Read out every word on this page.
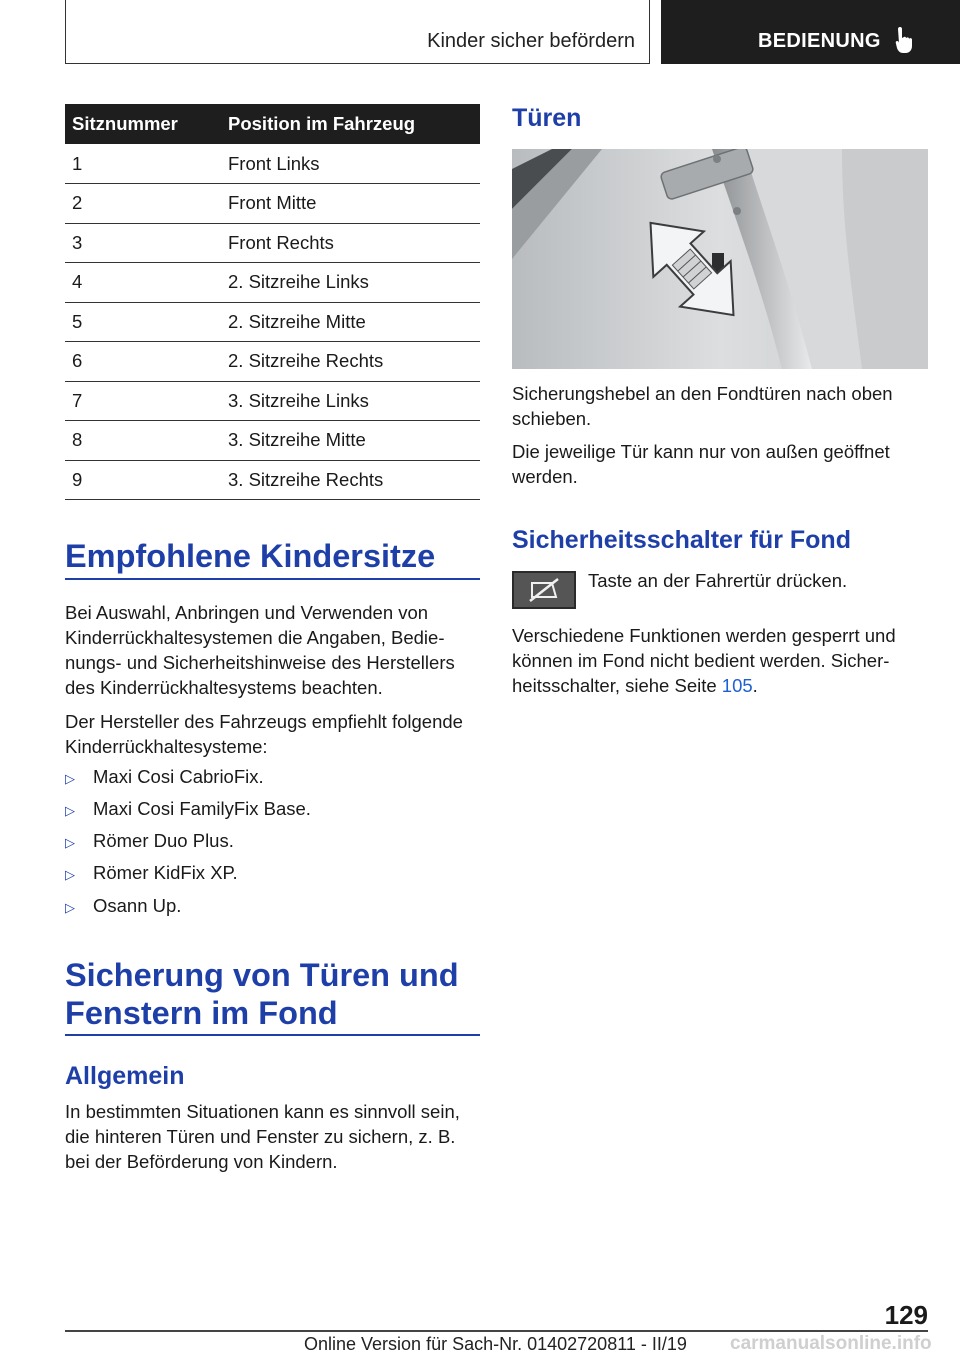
Kinder sicher befördern	BEDIENUNG
Sitznummer	Position im Fahrzeug
1	Front Links
2	Front Mitte
3	Front Rechts
4	2. Sitzreihe Links
5	2. Sitzreihe Mitte
6	2. Sitzreihe Rechts
7	3. Sitzreihe Links
8	3. Sitzreihe Mitte
9	3. Sitzreihe Rechts
Empfohlene Kindersitze
Bei Auswahl, Anbringen und Verwenden von
Kinderrückhaltesystemen die Angaben, Bedie-
nungs- und Sicherheitshinweise des Herstellers
des Kinderrückhaltesystems beachten.
Der Hersteller des Fahrzeugs empfiehlt folgende
Kinderrückhaltesysteme:
▷ Maxi Cosi CabrioFix.
▷ Maxi Cosi FamilyFix Base.
▷ Römer Duo Plus.
▷ Römer KidFix XP.
▷ Osann Up.
Sicherung von Türen und
Fenstern im Fond
Allgemein
In bestimmten Situationen kann es sinnvoll sein,
die hinteren Türen und Fenster zu sichern, z. B.
bei der Beförderung von Kindern.
Türen
Sicherungshebel an den Fondtüren nach oben
schieben.
Die jeweilige Tür kann nur von außen geöffnet
werden.
Sicherheitsschalter für Fond
Taste an der Fahrertür drücken.
Verschiedene Funktionen werden gesperrt und
können im Fond nicht bedient werden. Sicher-
heitsschalter, siehe Seite 105.
129
Online Version für Sach-Nr. 01402720811 - II/19 carmanualsonline.info
